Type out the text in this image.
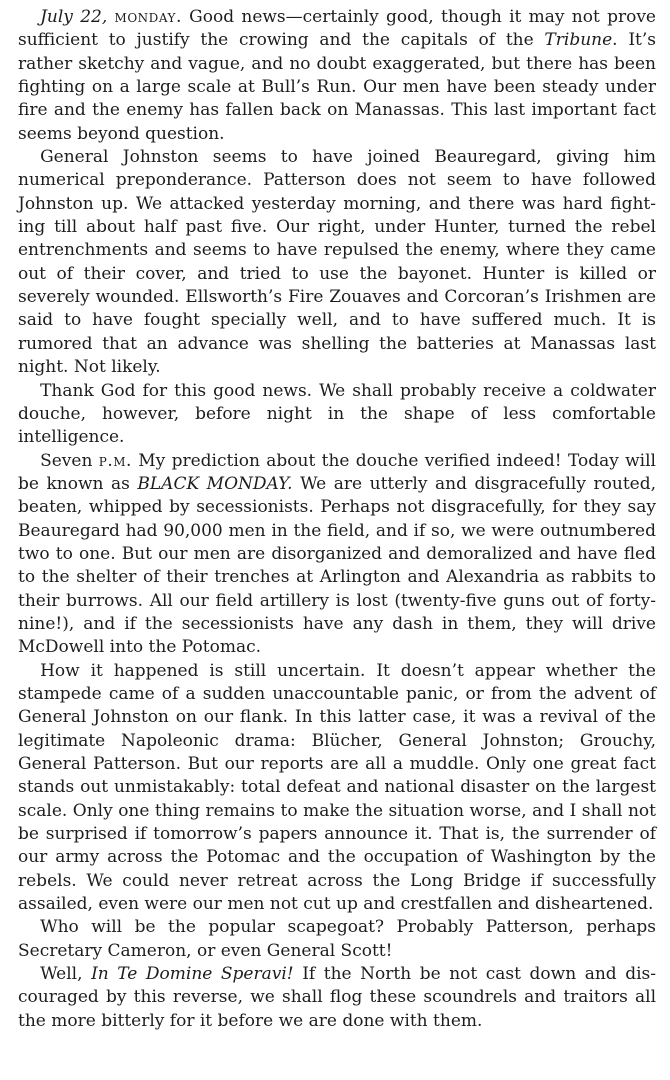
July 22, monday. Good news—certainly good, though it may not prove sufficient to justify the crowing and the capitals of the Tribune. It’s rather sketchy and vague, and no doubt exaggerated, but there has been fighting on a large scale at Bull’s Run. Our men have been steady under fire and the enemy has fallen back on Manassas. This last important fact seems beyond question.

General Johnston seems to have joined Beauregard, giving him numerical preponderance. Patterson does not seem to have followed Johnston up. We attacked yesterday morning, and there was hard fighting till about half past five. Our right, under Hunter, turned the rebel entrenchments and seems to have repulsed the enemy, where they came out of their cover, and tried to use the bayonet. Hunter is killed or severely wounded. Ellsworth’s Fire Zouaves and Corcoran’s Irishmen are said to have fought specially well, and to have suffered much. It is rumored that an advance was shelling the batteries at Manassas last night. Not likely.

Thank God for this good news. We shall probably receive a coldwater douche, however, before night in the shape of less comfortable intelligence.

Seven p.m. My prediction about the douche verified indeed! Today will be known as BLACK MONDAY. We are utterly and disgracefully routed, beaten, whipped by secessionists. Perhaps not disgracefully, for they say Beauregard had 90,000 men in the field, and if so, we were outnumbered two to one. But our men are disorganized and demoralized and have fled to the shelter of their trenches at Arlington and Alexandria as rabbits to their burrows. All our field artillery is lost (twenty-five guns out of forty-nine!), and if the secessionists have any dash in them, they will drive McDowell into the Potomac.

How it happened is still uncertain. It doesn’t appear whether the stampede came of a sudden unaccountable panic, or from the advent of General Johnston on our flank. In this latter case, it was a revival of the legitimate Napoleonic drama: Blücher, General Johnston; Grouchy, General Patterson. But our reports are all a muddle. Only one great fact stands out unmistakably: total defeat and national disaster on the largest scale. Only one thing remains to make the situation worse, and I shall not be surprised if tomorrow’s papers announce it. That is, the surrender of our army across the Potomac and the occupation of Washington by the rebels. We could never retreat across the Long Bridge if successfully assailed, even were our men not cut up and crestfallen and disheartened.

Who will be the popular scapegoat? Probably Patterson, perhaps Secretary Cameron, or even General Scott!

Well, In Te Domine Speravi! If the North be not cast down and discouraged by this reverse, we shall flog these scoundrels and traitors all the more bitterly for it before we are done with them.
